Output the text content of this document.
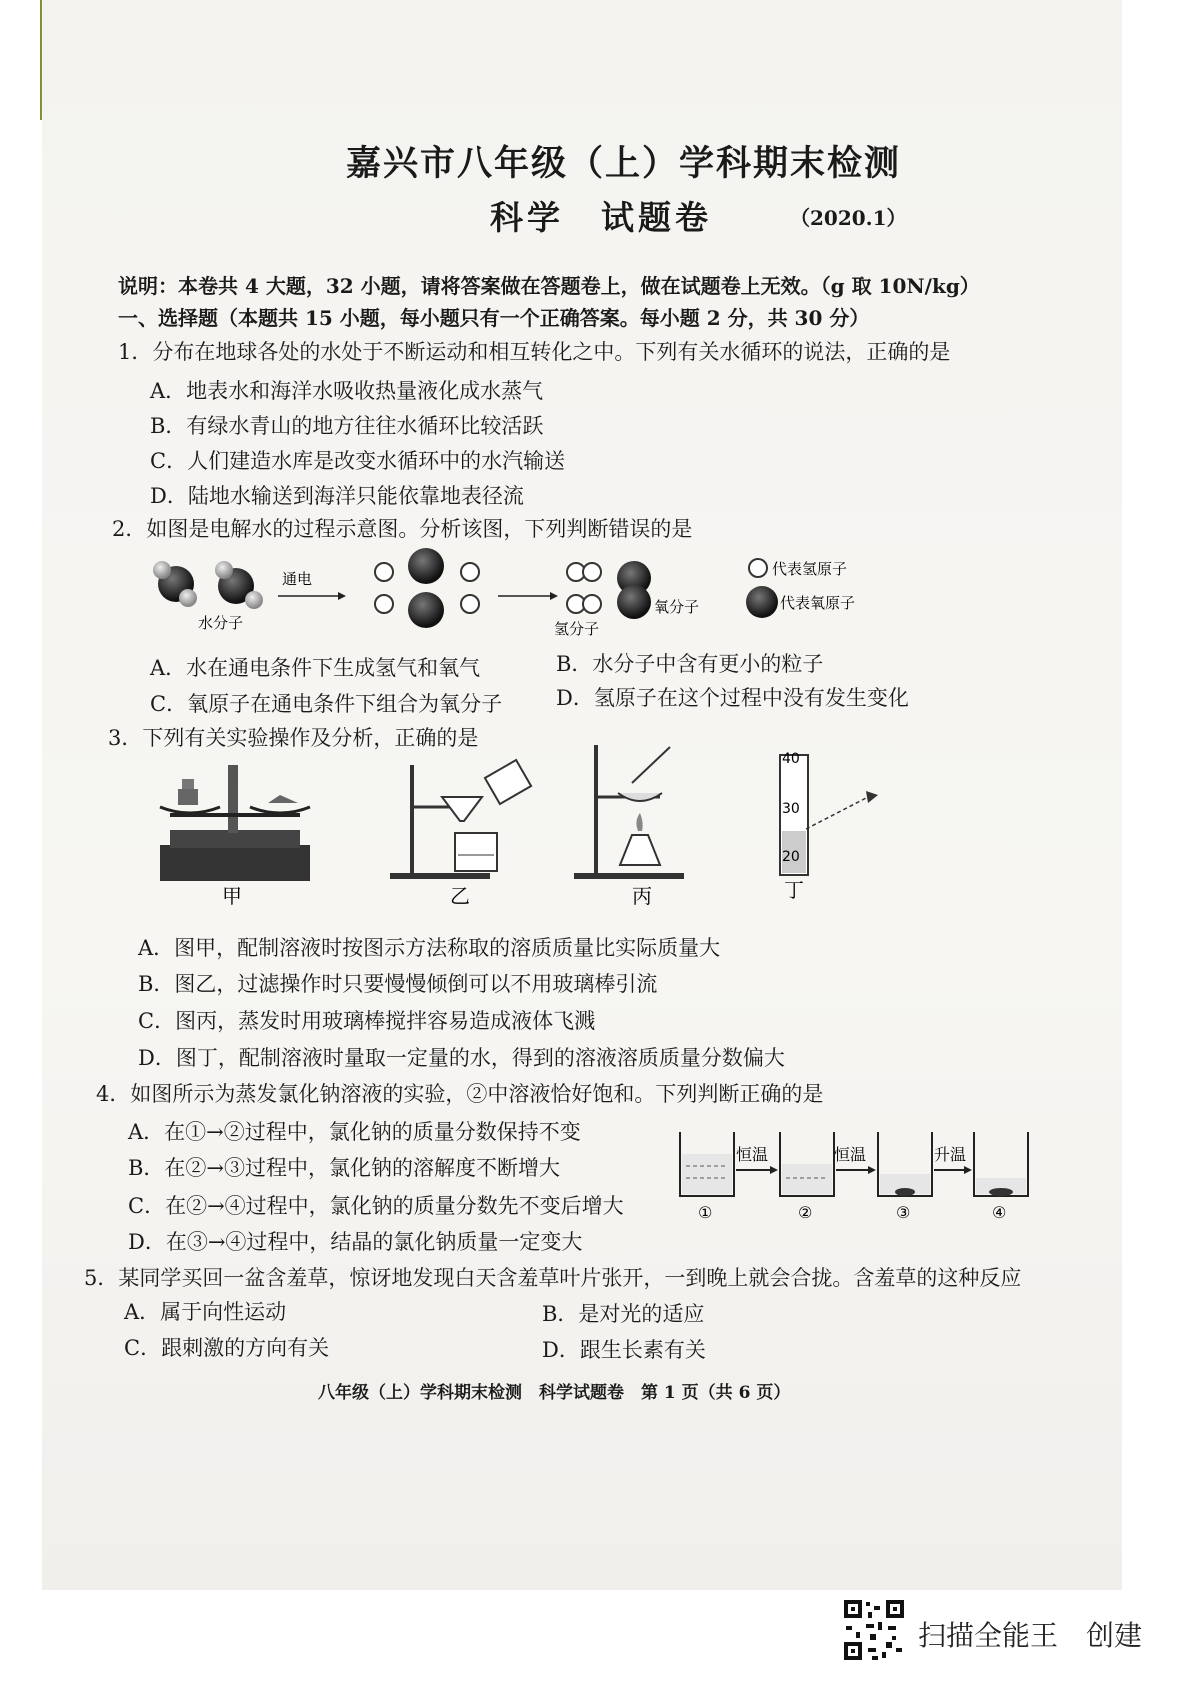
嘉兴市八年级（上）学科期末检测
科学　试题卷	（2020.1）
说明：本卷共 4 大题，32 小题，请将答案做在答题卷上，做在试题卷上无效。（g 取 10N/kg）
一、选择题（本题共 15 小题，每小题只有一个正确答案。每小题 2 分，共 30 分）
1．分布在地球各处的水处于不断运动和相互转化之中。下列有关水循环的说法，正确的是
A．地表水和海洋水吸收热量液化成水蒸气
B．有绿水青山的地方往往水循环比较活跃
C．人们建造水库是改变水循环中的水汽输送
D．陆地水输送到海洋只能依靠地表径流
2．如图是电解水的过程示意图。分析该图，下列判断错误的是
水分子
通电
氢分子
氧分子
代表氢原子
代表氧原子
A．水在通电条件下生成氢气和氧气	B．水分子中含有更小的粒子
C．氧原子在通电条件下组合为氧分子	D．氢原子在这个过程中没有发生变化
3．下列有关实验操作及分析，正确的是
甲	乙	丙
40
30
20
丁
A．图甲，配制溶液时按图示方法称取的溶质质量比实际质量大
B．图乙，过滤操作时只要慢慢倾倒可以不用玻璃棒引流
C．图丙，蒸发时用玻璃棒搅拌容易造成液体飞溅
D．图丁，配制溶液时量取一定量的水，得到的溶液溶质质量分数偏大
4．如图所示为蒸发氯化钠溶液的实验，②中溶液恰好饱和。下列判断正确的是
A．在①→②过程中，氯化钠的质量分数保持不变
B．在②→③过程中，氯化钠的溶解度不断增大
C．在②→④过程中，氯化钠的质量分数先不变后增大
D．在③→④过程中，结晶的氯化钠质量一定变大
①
恒温
②
恒温
③
升温
④
5．某同学买回一盆含羞草，惊讶地发现白天含羞草叶片张开，一到晚上就会合拢。含羞草的这种反应
A．属于向性运动	B．是对光的适应
C．跟刺激的方向有关	D．跟生长素有关
八年级（上）学科期末检测　科学试题卷　第 1 页（共 6 页）
扫描全能王　创建
